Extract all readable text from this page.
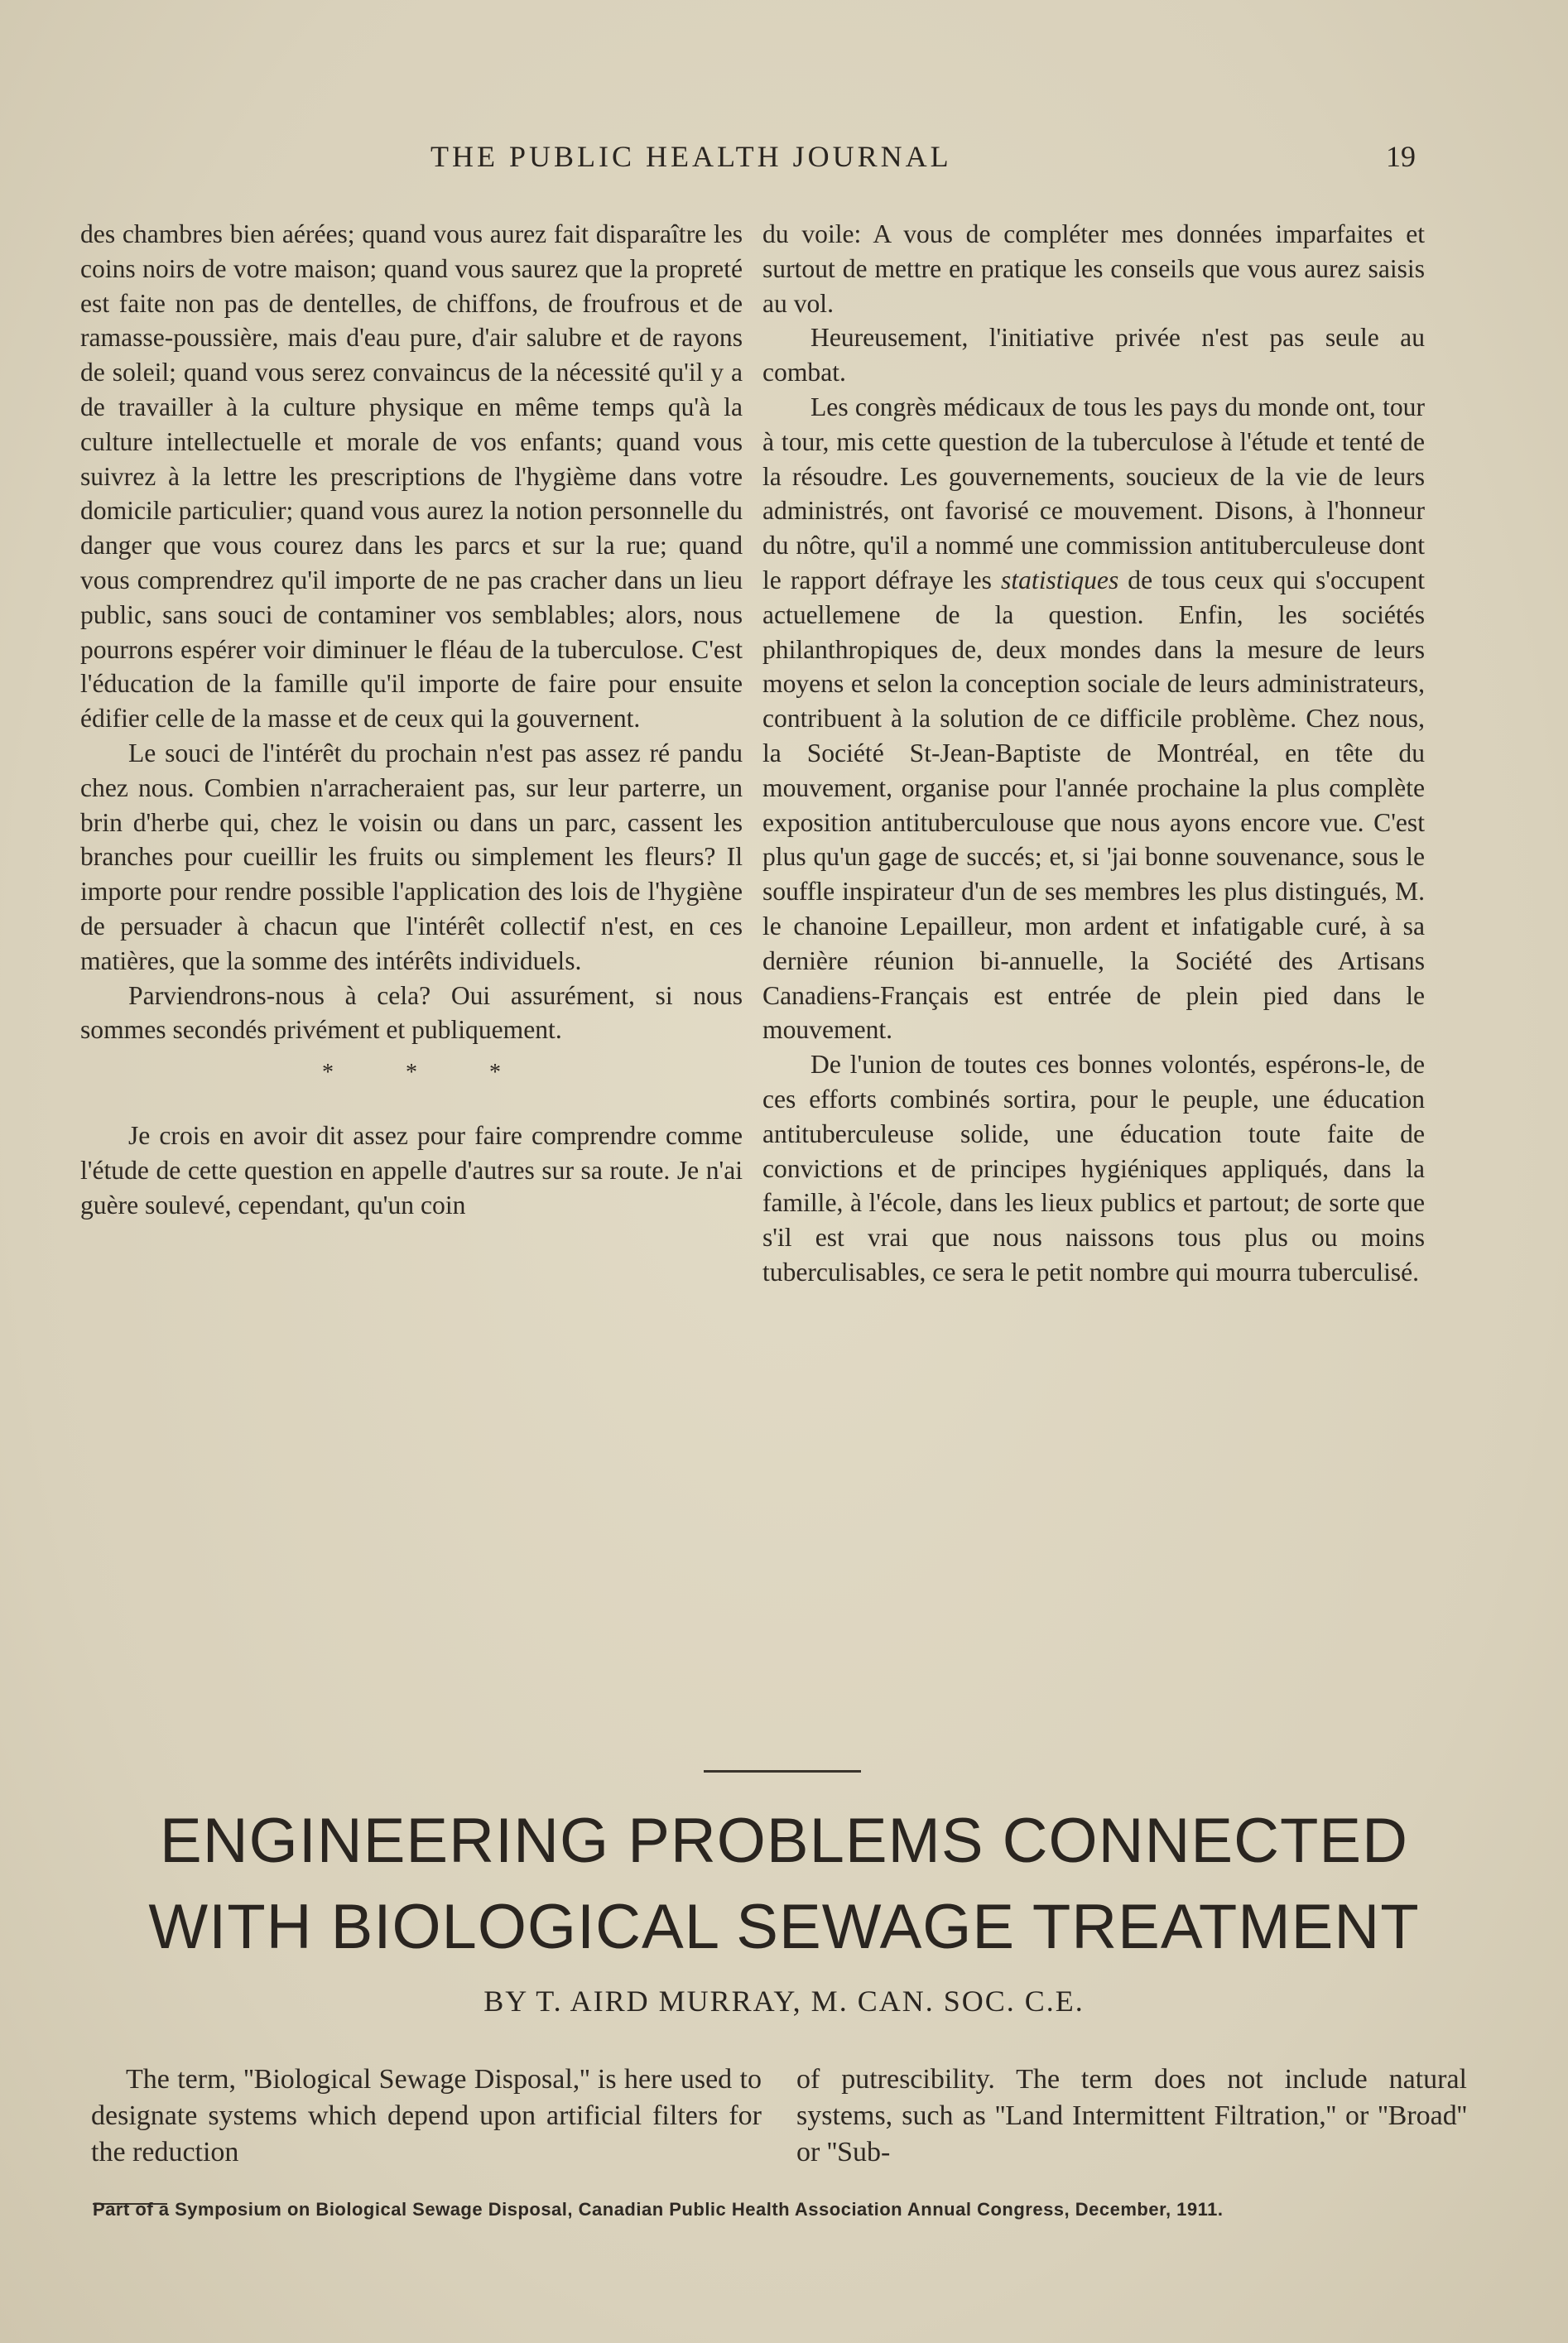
THE PUBLIC HEALTH JOURNAL	19

des chambres bien aérées; quand vous aurez fait disparaître les coins noirs de votre maison; quand vous saurez que la propreté est faite non pas de dentelles, de chiffons, de froufrous et de ramasse-poussière, mais d'eau pure, d'air salubre et de rayons de soleil; quand vous serez convaincus de la nécessité qu'il y a de travailler à la culture physique en même temps qu'à la culture intellectuelle et morale de vos enfants; quand vous suivrez à la lettre les prescriptions de l'hygième dans votre domicile particulier; quand vous aurez la notion personnelle du danger que vous courez dans les parcs et sur la rue; quand vous comprendrez qu'il importe de ne pas cracher dans un lieu public, sans souci de contaminer vos semblables; alors, nous pourrons espérer voir diminuer le fléau de la tuberculose. C'est l'éducation de la famille qu'il importe de faire pour ensuite édifier celle de la masse et de ceux qui la gouvernent.

Le souci de l'intérêt du prochain n'est pas assez ré pandu chez nous. Combien n'arracheraient pas, sur leur parterre, un brin d'herbe qui, chez le voisin ou dans un parc, cassent les branches pour cueillir les fruits ou simplement les fleurs? Il importe pour rendre possible l'application des lois de l'hygiène de persuader à chacun que l'intérêt collectif n'est, en ces matières, que la somme des intérêts individuels.

Parviendrons-nous à cela? Oui assurément, si nous sommes secondés privément et publiquement.

* * *

Je crois en avoir dit assez pour faire comprendre comme l'étude de cette question en appelle d'autres sur sa route. Je n'ai guère soulevé, cependant, qu'un coin

du voile: A vous de compléter mes données imparfaites et surtout de mettre en pratique les conseils que vous aurez saisis au vol.

Heureusement, l'initiative privée n'est pas seule au combat.

Les congrès médicaux de tous les pays du monde ont, tour à tour, mis cette question de la tuberculose à l'étude et tenté de la résoudre. Les gouvernements, soucieux de la vie de leurs administrés, ont favorisé ce mouvement. Disons, à l'honneur du nôtre, qu'il a nommé une commission antituberculeuse dont le rapport défraye les statistiques de tous ceux qui s'occupent actuellemene de la question. Enfin, les sociétés philanthropiques de, deux mondes dans la mesure de leurs moyens et selon la conception sociale de leurs administrateurs, contribuent à la solution de ce difficile problème. Chez nous, la Société St-Jean-Baptiste de Montréal, en tête du mouvement, organise pour l'année prochaine la plus complète exposition antituberculouse que nous ayons encore vue. C'est plus qu'un gage de succés; et, si 'jai bonne souvenance, sous le souffle inspirateur d'un de ses membres les plus distingués, M. le chanoine Lepailleur, mon ardent et infatigable curé, à sa dernière réunion bi-annuelle, la Société des Artisans Canadiens-Français est entrée de plein pied dans le mouvement.

De l'union de toutes ces bonnes volontés, espérons-le, de ces efforts combinés sortira, pour le peuple, une éducation antituberculeuse solide, une éducation toute faite de convictions et de principes hygiéniques appliqués, dans la famille, à l'école, dans les lieux publics et partout; de sorte que s'il est vrai que nous naissons tous plus ou moins tuberculisables, ce sera le petit nombre qui mourra tuberculisé.

ENGINEERING PROBLEMS CONNECTED
WITH BIOLOGICAL SEWAGE TREATMENT
BY T. AIRD MURRAY, M. CAN. SOC. C.E.

The term, ''Biological Sewage Disposal,'' is here used to designate systems which depend upon artificial filters for the reduction

of putrescibility. The term does not include natural systems, such as ''Land Intermittent Filtration,'' or ''Broad'' or ''Sub-

Part of a Symposium on Biological Sewage Disposal, Canadian Public Health Association Annual Congress, December, 1911.
